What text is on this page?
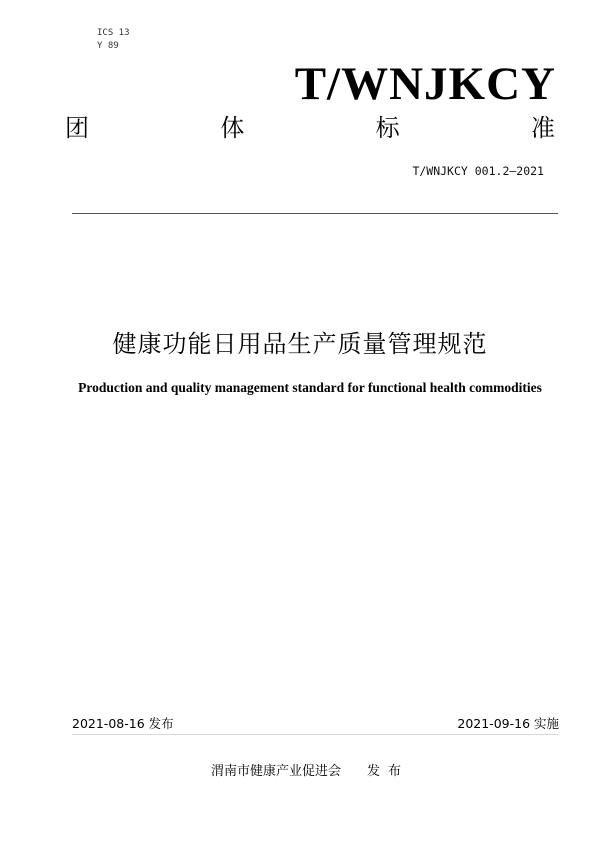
ICS 13
Y 89
T/WNJKCY
团	体	标	准
T/WNJKCY 001.2—2021
健康功能日用品生产质量管理规范
Production and quality management standard for functional health commodities
2021-08-16 发布	2021-09-16 实施
渭南市健康产业促进会 发布
